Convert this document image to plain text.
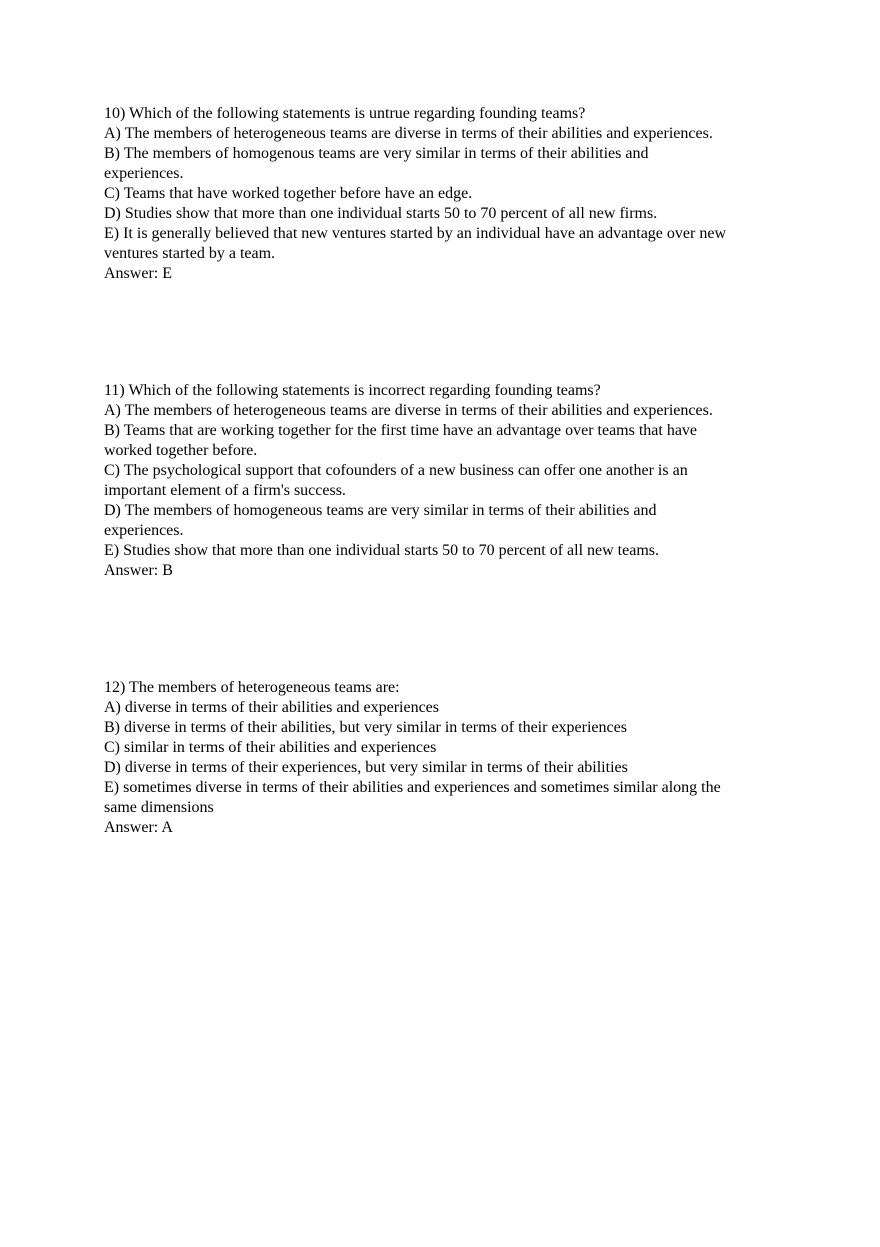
10) Which of the following statements is untrue regarding founding teams?
A) The members of heterogeneous teams are diverse in terms of their abilities and experiences.
B) The members of homogenous teams are very similar in terms of their abilities and
experiences.
C) Teams that have worked together before have an edge.
D) Studies show that more than one individual starts 50 to 70 percent of all new firms.
E) It is generally believed that new ventures started by an individual have an advantage over new
ventures started by a team.
Answer: E
11) Which of the following statements is incorrect regarding founding teams?
A) The members of heterogeneous teams are diverse in terms of their abilities and experiences.
B) Teams that are working together for the first time have an advantage over teams that have
worked together before.
C) The psychological support that cofounders of a new business can offer one another is an
important element of a firm's success.
D) The members of homogeneous teams are very similar in terms of their abilities and
experiences.
E) Studies show that more than one individual starts 50 to 70 percent of all new teams.
Answer: B
12) The members of heterogeneous teams are:
A) diverse in terms of their abilities and experiences
B) diverse in terms of their abilities, but very similar in terms of their experiences
C) similar in terms of their abilities and experiences
D) diverse in terms of their experiences, but very similar in terms of their abilities
E) sometimes diverse in terms of their abilities and experiences and sometimes similar along the
same dimensions
Answer: A
